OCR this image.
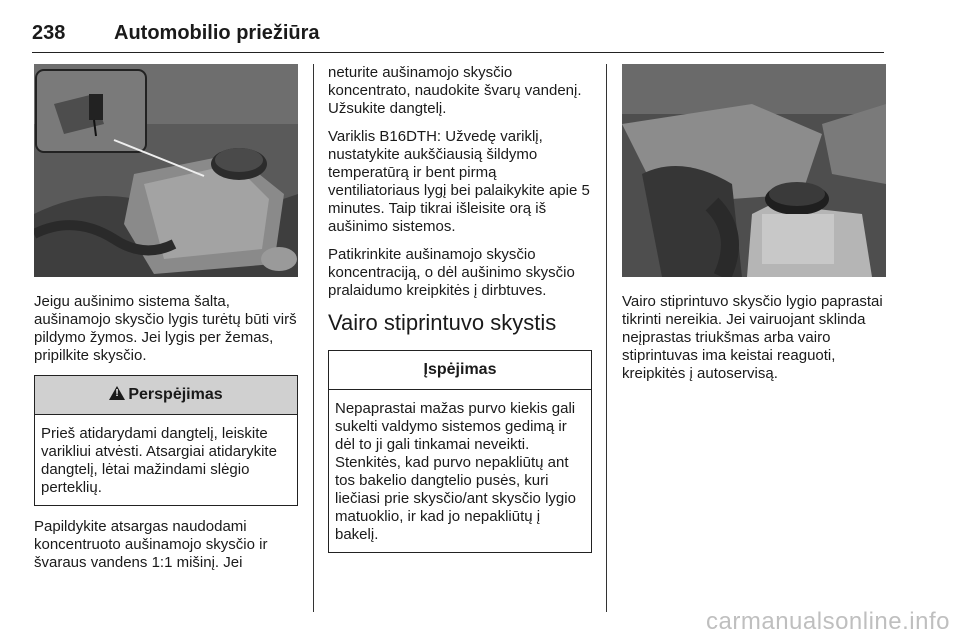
238 Automobilio priežiūra

Jeigu aušinimo sistema šalta, aušinamojo skysčio lygis turėtų būti virš pildymo žymos. Jei lygis per žemas, pripilkite skysčio.

!Perspėjimas
Prieš atidarydami dangtelį, leiskite varikliui atvėsti. Atsargiai atidarykite dangtelį, lėtai mažindami slėgio perteklių.

Papildykite atsargas naudodami koncentruoto aušinamojo skysčio ir švaraus vandens 1:1 mišinį. Jei

neturite aušinamojo skysčio koncentrato, naudokite švarų vandenį. Užsukite dangtelį.

Variklis B16DTH: Užvedę variklį, nustatykite aukščiausią šildymo temperatūrą ir bent pirmą ventiliatoriaus lygį bei palaikykite apie 5 minutes. Taip tikrai išleisite orą iš aušinimo sistemos.

Patikrinkite aušinamojo skysčio koncentraciją, o dėl aušinimo skysčio pralaidumo kreipkitės į dirbtuves.

Vairo stiprintuvo skystis
Įspėjimas
Nepaprastai mažas purvo kiekis gali sukelti valdymo sistemos gedimą ir dėl to ji gali tinkamai neveikti. Stenkitės, kad purvo nepakliūtų ant tos bakelio dangtelio pusės, kuri liečiasi prie skysčio/ant skysčio lygio matuoklio, ir kad jo nepakliūtų į bakelį.

Vairo stiprintuvo skysčio lygio paprastai tikrinti nereikia. Jei vairuojant sklinda neįprastas triukšmas arba vairo stiprintuvas ima keistai reaguoti, kreipkitės į autoservisą.

carmanualsonline.info
